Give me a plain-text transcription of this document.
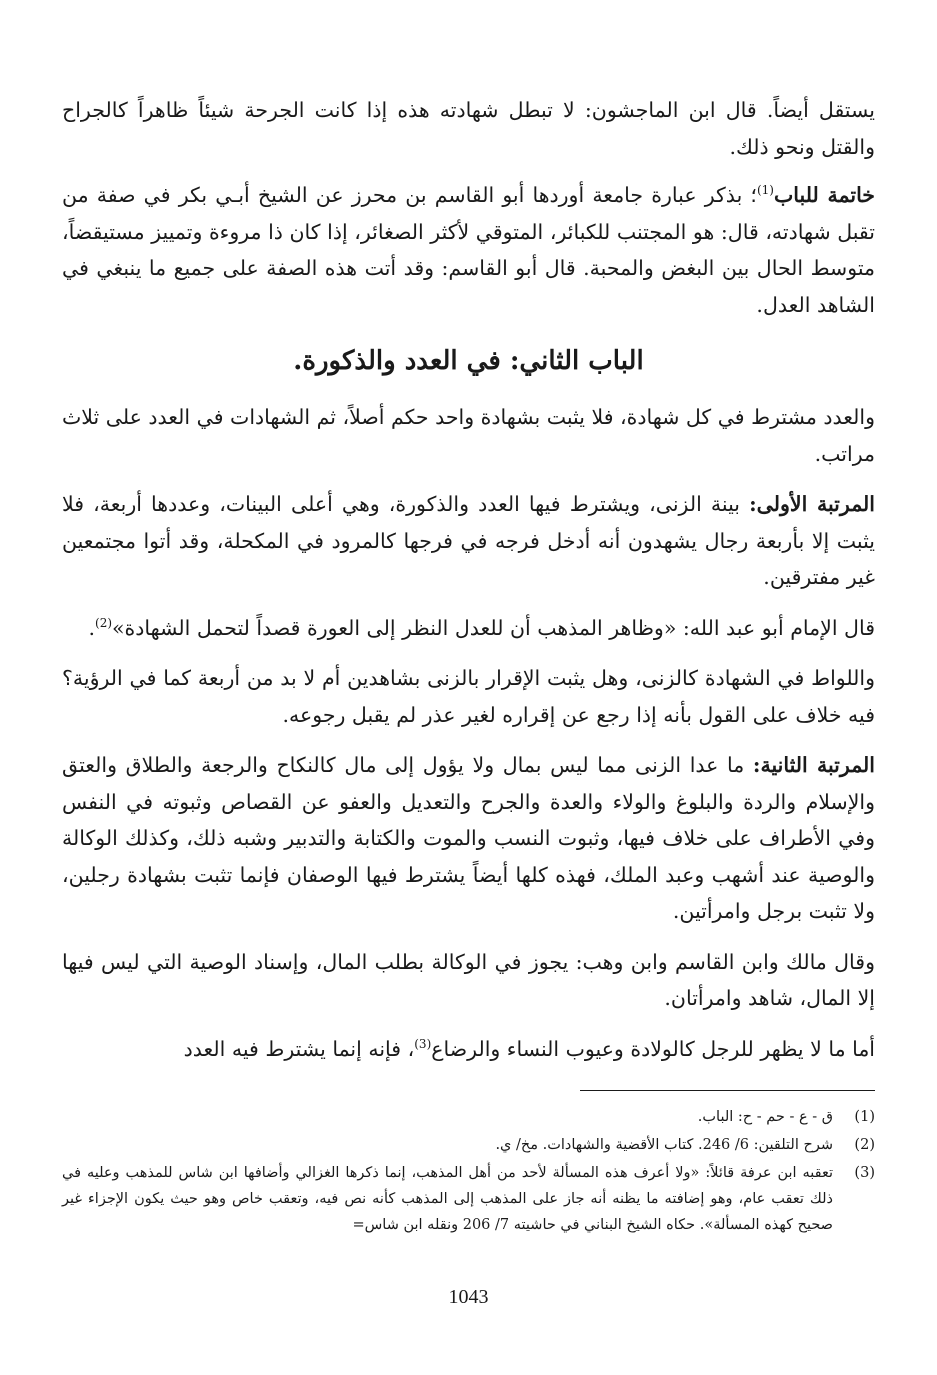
يستقل أيضاً. قال ابن الماجشون: لا تبطل شهادته هذه إذا كانت الجرحة شيئاً ظاهراً كالجراح والقتل ونحو ذلك.

خاتمة للباب$^{(1)}$؛ بذكر عبارة جامعة أوردها أبو القاسم بن محرز عن الشيخ أبـي بكر في صفة من تقبل شهادته، قال: هو المجتنب للكبائر، المتوقي لأكثر الصغائر، إذا كان ذا مروءة وتمييز مستيقضاً، متوسط الحال بين البغض والمحبة. قال أبو القاسم: وقد أتت هذه الصفة على جميع ما ينبغي في الشاهد العدل.

الباب الثاني: في العدد والذكورة.

والعدد مشترط في كل شهادة، فلا يثبت بشهادة واحد حكم أصلاً، ثم الشهادات في العدد على ثلاث مراتب.

المرتبة الأولى: بينة الزنى، ويشترط فيها العدد والذكورة، وهي أعلى البينات، وعددها أربعة، فلا يثبت إلا بأربعة رجال يشهدون أنه أدخل فرجه في فرجها كالمرود في المكحلة، وقد أتوا مجتمعين غير مفترقين.

قال الإمام أبو عبد الله: «وظاهر المذهب أن للعدل النظر إلى العورة قصداً لتحمل الشهادة»$^{(2)}$.

واللواط في الشهادة كالزنى، وهل يثبت الإقرار بالزنى بشاهدين أم لا بد من أربعة كما في الرؤية؟ فيه خلاف على القول بأنه إذا رجع عن إقراره لغير عذر لم يقبل رجوعه.

المرتبة الثانية: ما عدا الزنى مما ليس بمال ولا يؤول إلى مال كالنكاح والرجعة والطلاق والعتق والإسلام والردة والبلوغ والولاء والعدة والجرح والتعديل والعفو عن القصاص وثبوته في النفس وفي الأطراف على خلاف فيها، وثبوت النسب والموت والكتابة والتدبير وشبه ذلك، وكذلك الوكالة والوصية عند أشهب وعبد الملك، فهذه كلها أيضاً يشترط فيها الوصفان فإنما تثبت بشهادة رجلين، ولا تثبت برجل وامرأتين.

وقال مالك وابن القاسم وابن وهب: يجوز في الوكالة بطلب المال، وإسناد الوصية التي ليس فيها إلا المال، شاهد وامرأتان.

أما ما لا يظهر للرجل كالولادة وعيوب النساء والرضاع$^{(3)}$، فإنه إنما يشترط فيه العدد

(1)
ق - ع - حم - ح: الباب.
(2)
شرح التلقين: 6/ 246. كتاب الأقضية والشهادات. مخ/ ي.
(3)
تعقبه ابن عرفة قائلاً: «ولا أعرف هذه المسألة لأحد من أهل المذهب، إنما ذكرها الغزالي وأضافها ابن شاس للمذهب وعليه في ذلك تعقب عام، وهو إضافته ما يظنه أنه جاز على المذهب إلى المذهب كأنه نص فيه، وتعقب خاص وهو حيث يكون الإجزاء غير صحيح كهذه المسألة». حكاه الشيخ البناني في حاشيته 7/ 206 ونقله ابن شاس=
1043
